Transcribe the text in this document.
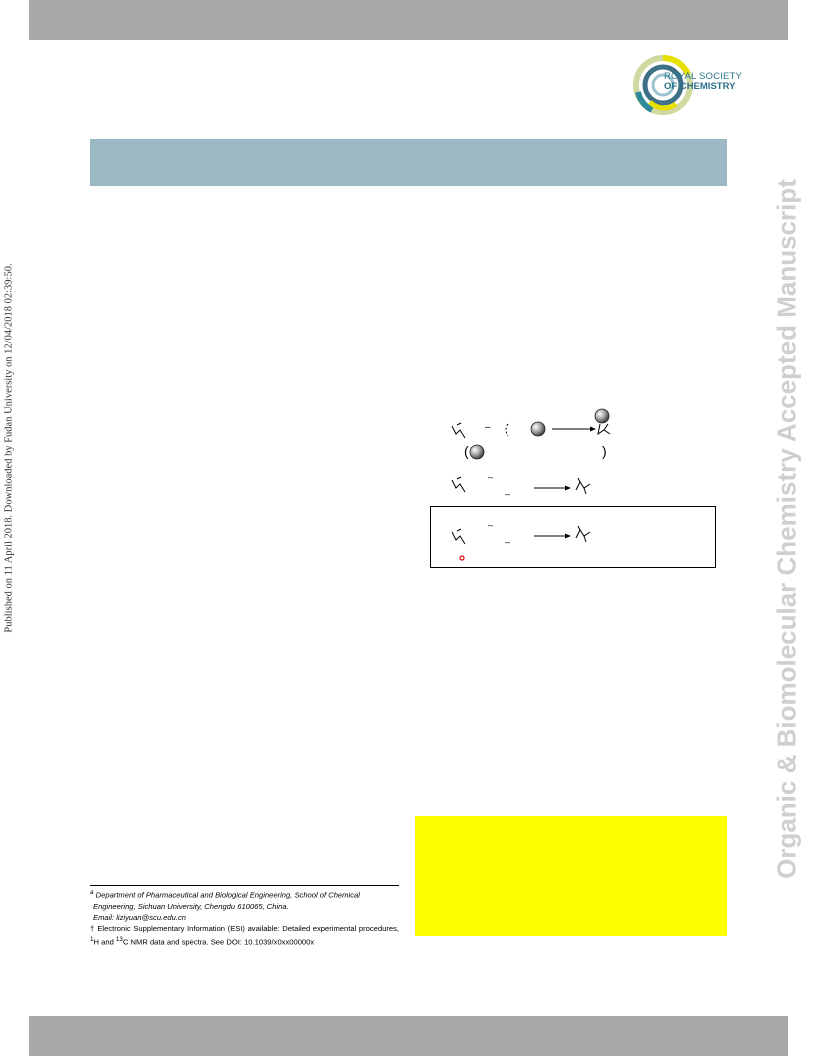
ROYAL SOCIETY
OF CHEMISTRY
Organic & Biomolecular Chemistry Accepted Manuscript
Published on 11 April 2018. Downloaded by Fudan University on 12/04/2018 02:39:50.	–
(	)
–
–
–
–
$^a$ Department of Pharmaceutical and Biological Engineering, School of Chemical
Engineering, Sichuan University, Chengdu 610065, China.
Email: liziyuan@scu.edu.cn
† Electronic Supplementary Information (ESI) available: Detailed experimental procedures, $^1$H and $^{13}$C NMR data and spectra. See DOI: 10.1039/x0xx00000x
